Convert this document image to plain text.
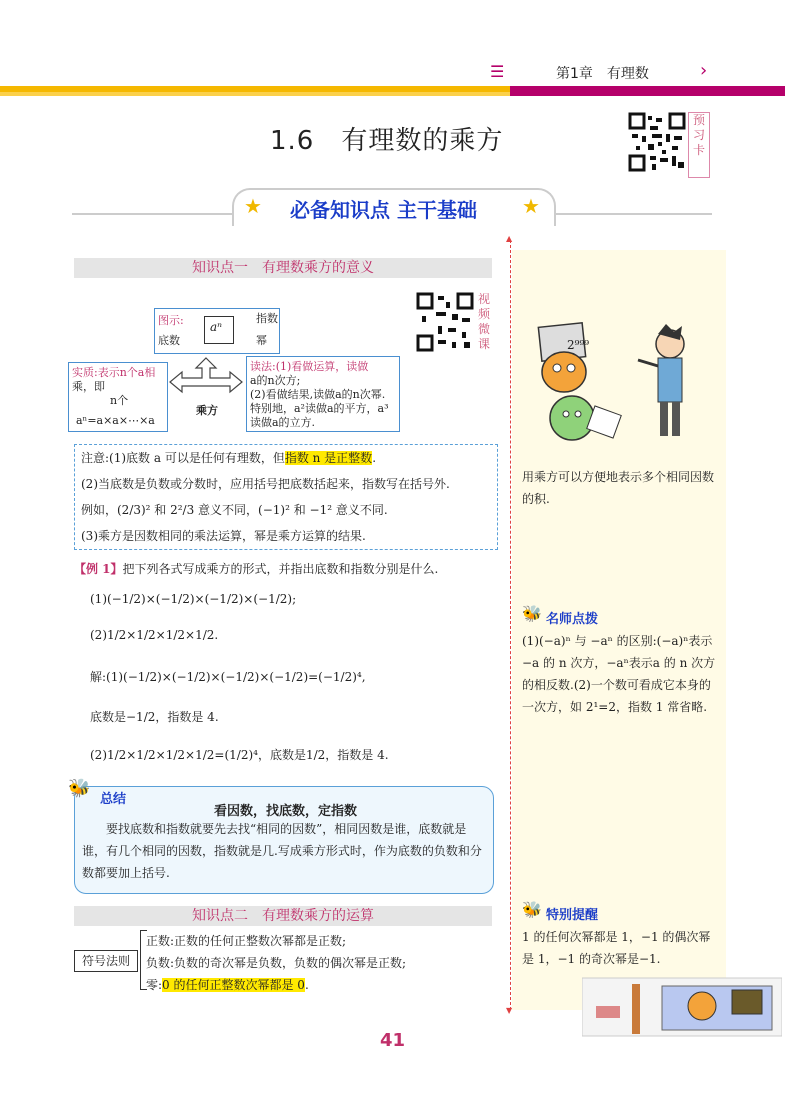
☰	第1章　有理数	›
1.6　有理数的乘方
预习卡
★	★
必备知识点 主干基础
▲
▼
2⁹⁹⁹
用乘方可以方便地表示多个相同因数的积.
🐝 名师点拨
(1)(−a)ⁿ 与 −aⁿ 的区别:(−a)ⁿ表示−a 的 n 次方，−aⁿ表示a 的 n 次方的相反数.(2)一个数可看成它本身的一次方，如 2¹=2，指数 1 常省略.
🐝 特别提醒
1 的任何次幂都是 1，−1 的偶次幂是 1，−1 的奇次幂是−1.
知识点一　有理数乘方的意义
视频微课
图示: aⁿ
指数
底数	幂
实质:表示n个a相
乘，即
n个
aⁿ=a×a×⋯×a
乘方
读法:(1)看做运算，读做
a的n次方;
(2)看做结果,读做a的n次幂.
特别地，a²读做a的平方，a³
读做a的立方.

注意:(1)底数 a 可以是任何有理数，但指数 n 是正整数.

(2)当底数是负数或分数时，应用括号把底数括起来，指数写在括号外.

例如，(2/3)² 和 2²/3 意义不同，(−1)² 和 −1² 意义不同.

(3)乘方是因数相同的乘法运算，幂是乘方运算的结果.

【例 1】把下列各式写成乘方的形式，并指出底数和指数分别是什么.
(1)(−1/2)×(−1/2)×(−1/2)×(−1/2);
(2)1/2×1/2×1/2×1/2.
解:(1)(−1/2)×(−1/2)×(−1/2)×(−1/2)=(−1/2)⁴,
底数是−1/2，指数是 4.
(2)1/2×1/2×1/2×1/2=(1/2)⁴，底数是1/2，指数是 4.
🐝
总结
看因数，找底数，定指数
要找底数和指数就要先去找“相同的因数”，相同因数是谁，底数就是谁，有几个相同的因数，指数就是几.写成乘方形式时，作为底数的负数和分数都要加上括号.
知识点二　有理数乘方的运算
符号法则
正数:正数的任何正整数次幂都是正数;
负数:负数的奇次幂是负数，负数的偶次幂是正数;
零:0 的任何正整数次幂都是 0.
41
